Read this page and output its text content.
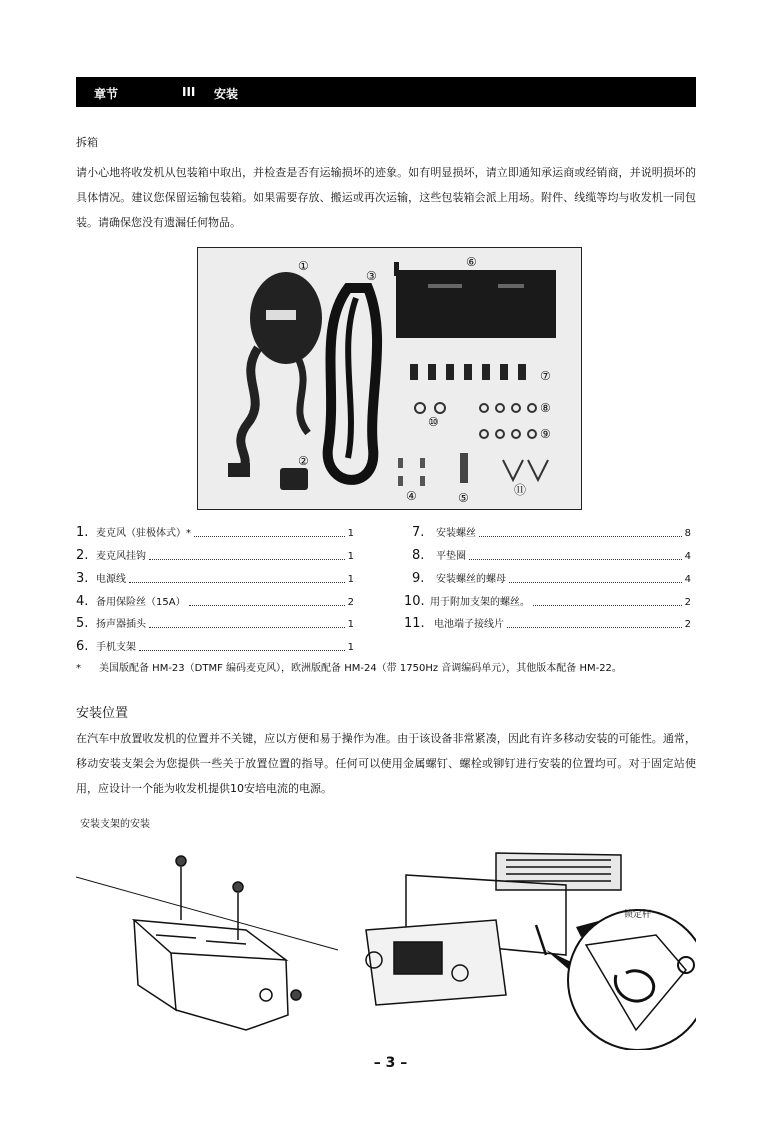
章节	III 安装
拆箱
请小心地将收发机从包装箱中取出，并检查是否有运输损坏的迹象。如有明显损坏，请立即通知承运商或经销商，并说明损坏的具体情况。建议您保留运输包装箱。如果需要存放、搬运或再次运输，这些包装箱会派上用场。附件、线缆等均与收发机一同包装。请确保您没有遗漏任何物品。
①
②
③
④	⑤
⑥
⑦
⑧
⑨
⑩
⑪
1. 麦克风（驻极体式）*	1
2. 麦克风挂钩	1
3. 电源线	1
4. 备用保险丝（15A）	2
5. 扬声器插头	1
6. 手机支架	1
7.	安装螺丝	8
8.	平垫圈	4
9.	安装螺丝的螺母	4
10. 用于附加支架的螺丝。	2
11. 电池端子接线片	2
* 美国版配备 HM-23（DTMF 编码麦克风），欧洲版配备 HM-24（带 1750Hz 音调编码单元），其他版本配备 HM-22。
安装位置
在汽车中放置收发机的位置并不关键，应以方便和易于操作为准。由于该设备非常紧凑，因此有许多移动安装的可能性。通常，移动安装支架会为您提供一些关于放置位置的指导。任何可以使用金属螺钉、螺栓或铆钉进行安装的位置均可。对于固定站使用，应设计一个能为收发机提供10安培电流的电源。
安装支架的安装
锁定杆
– 3 –
